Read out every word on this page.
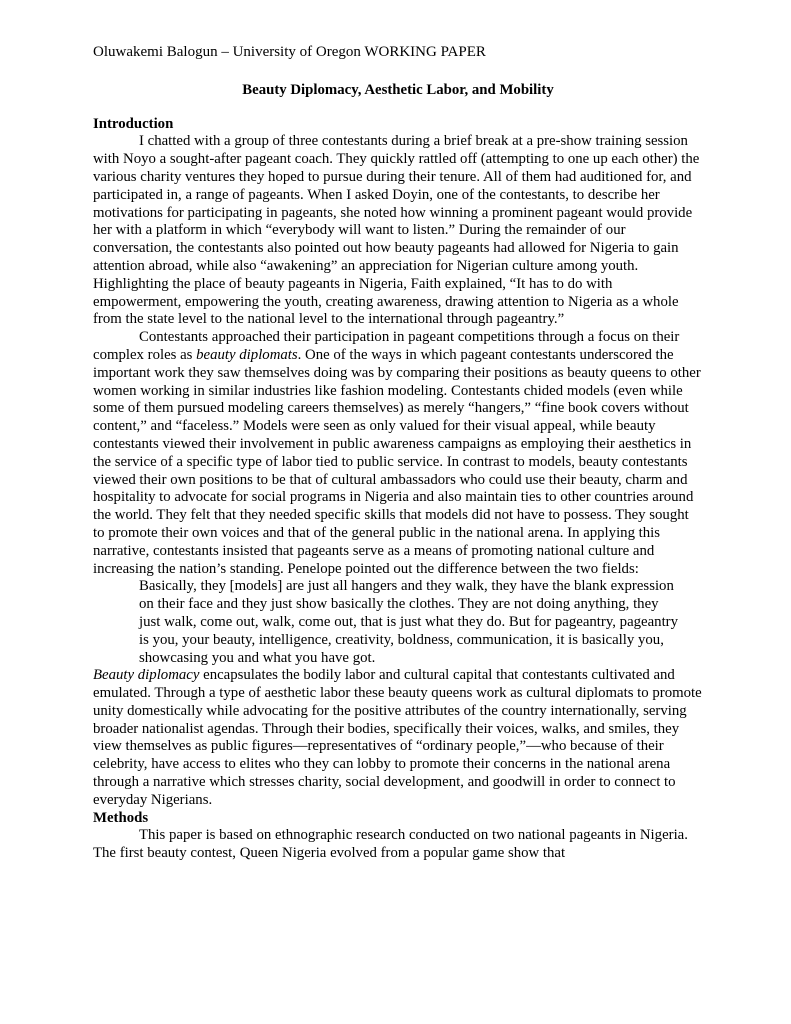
Oluwakemi Balogun – University of Oregon WORKING PAPER
Beauty Diplomacy, Aesthetic Labor, and Mobility
Introduction

I chatted with a group of three contestants during a brief break at a pre-show training session with Noyo a sought-after pageant coach. They quickly rattled off (attempting to one up each other) the various charity ventures they hoped to pursue during their tenure. All of them had auditioned for, and participated in, a range of pageants. When I asked Doyin, one of the contestants, to describe her motivations for participating in pageants, she noted how winning a prominent pageant would provide her with a platform in which “everybody will want to listen.” During the remainder of our conversation, the contestants also pointed out how beauty pageants had allowed for Nigeria to gain attention abroad, while also “awakening” an appreciation for Nigerian culture among youth. Highlighting the place of beauty pageants in Nigeria, Faith explained, “It has to do with empowerment, empowering the youth, creating awareness, drawing attention to Nigeria as a whole from the state level to the national level to the international through pageantry.”

Contestants approached their participation in pageant competitions through a focus on their complex roles as beauty diplomats. One of the ways in which pageant contestants underscored the important work they saw themselves doing was by comparing their positions as beauty queens to other women working in similar industries like fashion modeling. Contestants chided models (even while some of them pursued modeling careers themselves) as merely “hangers,” “fine book covers without content,” and “faceless.” Models were seen as only valued for their visual appeal, while beauty contestants viewed their involvement in public awareness campaigns as employing their aesthetics in the service of a specific type of labor tied to public service. In contrast to models, beauty contestants viewed their own positions to be that of cultural ambassadors who could use their beauty, charm and hospitality to advocate for social programs in Nigeria and also maintain ties to other countries around the world. They felt that they needed specific skills that models did not have to possess. They sought to promote their own voices and that of the general public in the national arena. In applying this narrative, contestants insisted that pageants serve as a means of promoting national culture and increasing the nation’s standing. Penelope pointed out the difference between the two fields:

Basically, they [models] are just all hangers and they walk, they have the blank expression on their face and they just show basically the clothes. They are not doing anything, they just walk, come out, walk, come out, that is just what they do. But for pageantry, pageantry is you, your beauty, intelligence, creativity, boldness, communication, it is basically you, showcasing you and what you have got.

Beauty diplomacy encapsulates the bodily labor and cultural capital that contestants cultivated and emulated. Through a type of aesthetic labor these beauty queens work as cultural diplomats to promote unity domestically while advocating for the positive attributes of the country internationally, serving broader nationalist agendas. Through their bodies, specifically their voices, walks, and smiles, they view themselves as public figures—representatives of “ordinary people,”—who because of their celebrity, have access to elites who they can lobby to promote their concerns in the national arena through a narrative which stresses charity, social development, and goodwill in order to connect to everyday Nigerians.

Methods

This paper is based on ethnographic research conducted on two national pageants in Nigeria. The first beauty contest, Queen Nigeria evolved from a popular game show that
